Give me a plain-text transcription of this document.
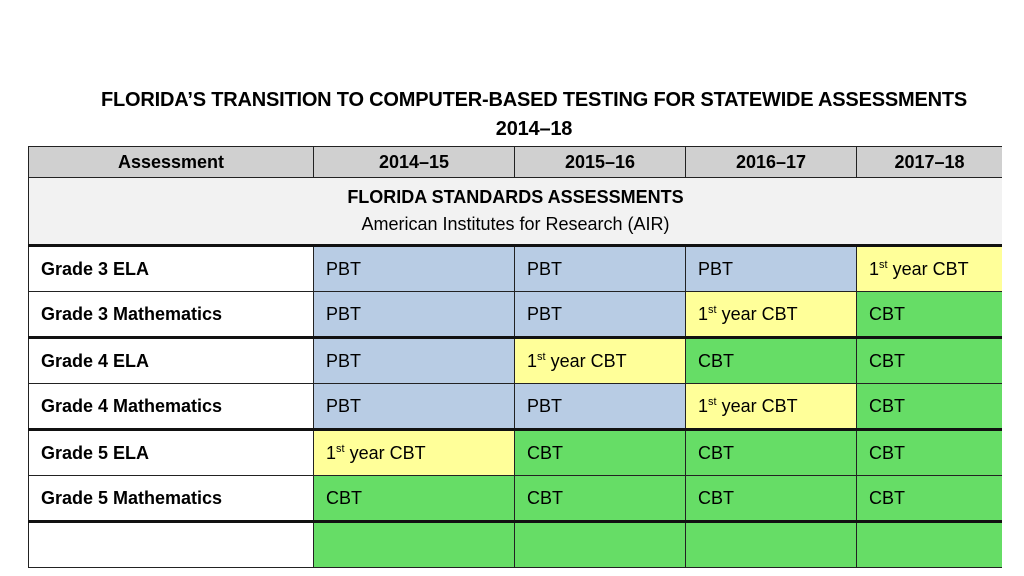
FLORIDA’S TRANSITION TO COMPUTER-BASED TESTING FOR STATEWIDE ASSESSMENTS
2014–18
Assessment	2014–15	2015–16	2016–17	2017–18

FLORIDA STANDARDS ASSESSMENTS
American Institutes for Research (AIR)				

Grade 3 ELA	PBT	PBT	PBT	1st year CBT
Grade 3 Mathematics	PBT	PBT	1st year CBT	CBT
Grade 4 ELA	PBT	1st year CBT	CBT	CBT
Grade 4 Mathematics	PBT	PBT	1st year CBT	CBT
Grade 5 ELA	1st year CBT	CBT	CBT	CBT
Grade 5 Mathematics	CBT	CBT	CBT	CBT
